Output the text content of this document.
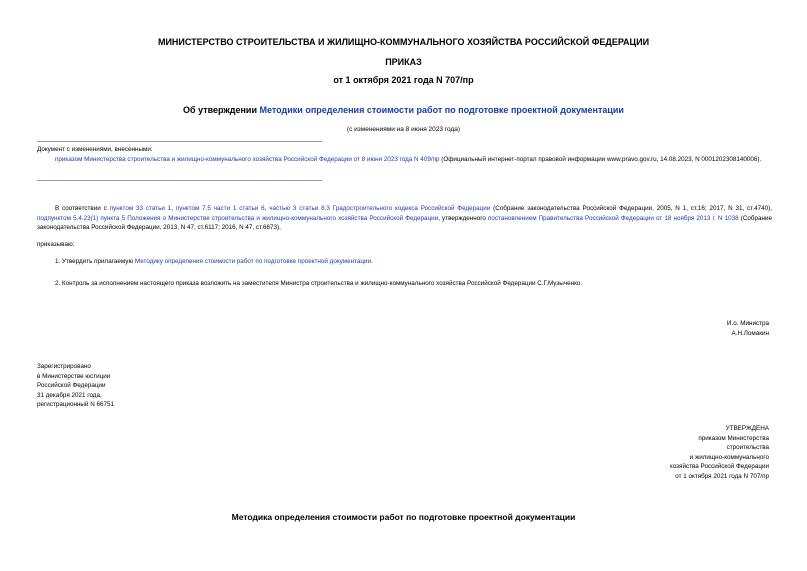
МИНИСТЕРСТВО СТРОИТЕЛЬСТВА И ЖИЛИЩНО-КОММУНАЛЬНОГО ХОЗЯЙСТВА РОССИЙСКОЙ ФЕДЕРАЦИИ
ПРИКАЗ
от 1 октября 2021 года N 707/пр
Об утверждении Методики определения стоимости работ по подготовке проектной документации
(с изменениями на 8 июня 2023 года)
Документ с изменениями, внесенными:
приказом Министерства строительства и жилищно-коммунального хозяйства Российской Федерации от 8 июня 2023 года N 409/пр (Официальный интернет-портал правовой информации www.pravo.gov.ru, 14.08.2023, N 0001202308140006).
В соответствии с пунктом 33 статьи 1, пунктом 7.5 части 1 статьи 6, частью 3 статьи 8.3 Градостроительного кодекса Российской Федерации (Собрание законодательства Российской Федерации, 2005, N 1, ст.16; 2017, N 31, ст.4740), подпунктом 5.4.23(1) пункта 5 Положения о Министерстве строительства и жилищно-коммунального хозяйства Российской Федерации, утвержденного постановлением Правительства Российской Федерации от 18 ноября 2013 г. N 1038 (Собрание законодательства Российской Федерации, 2013, N 47, ст.6117; 2016, N 47, ст.6673),
приказываю:
1. Утвердить прилагаемую Методику определения стоимости работ по подготовке проектной документации.
2. Контроль за исполнением настоящего приказа возложить на заместителя Министра строительства и жилищно-коммунального хозяйства Российской Федерации С.Г.Музыченко.
И.о. Министра
А.Н.Ломакин
Зарегистрировано
в Министерстве юстиции
Российской Федерации
31 декабря 2021 года,
регистрационный N 66751
УТВЕРЖДЕНА
приказом Министерства
строительства
и жилищно-коммунального
хозяйства Российской Федерации
от 1 октября 2021 года N 707/пр
Методика определения стоимости работ по подготовке проектной документации
